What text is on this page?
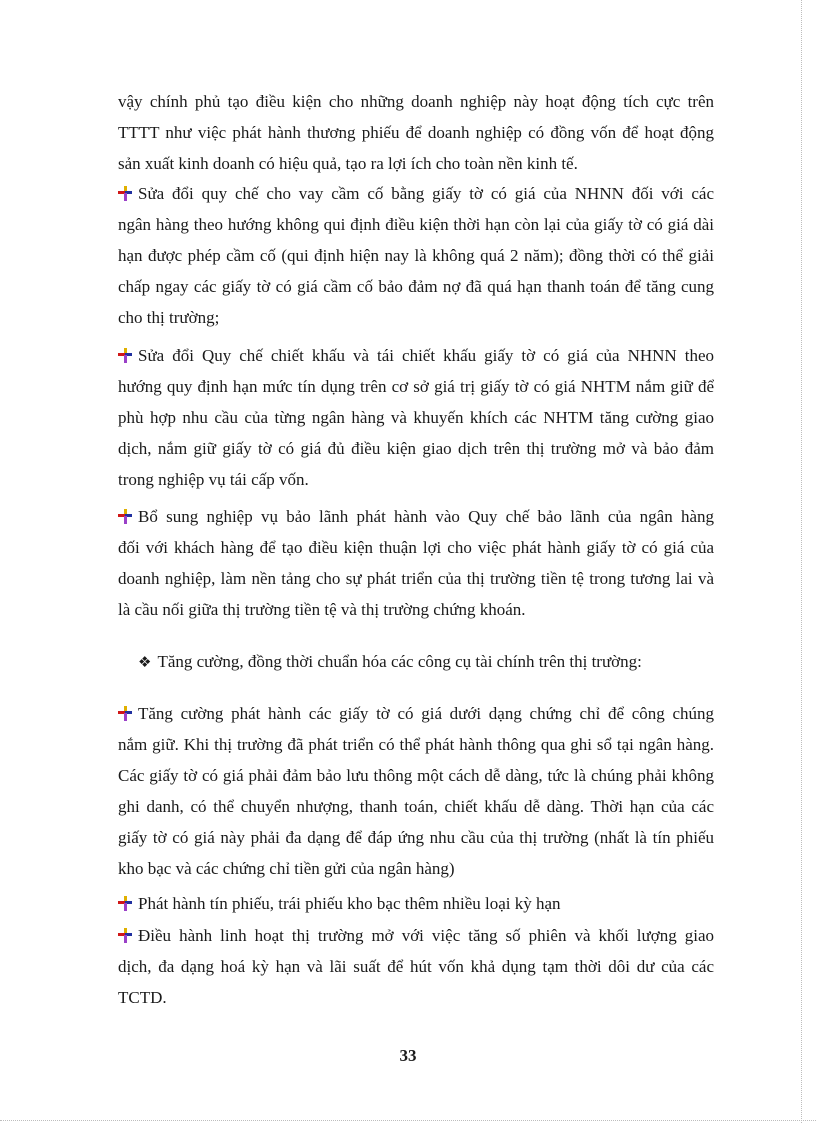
vậy chính phủ tạo điều kiện cho những doanh nghiệp này hoạt động tích cực trên
TTTT như việc phát hành thương phiếu để doanh nghiệp có đồng vốn để hoạt động
sản xuất kinh doanh có hiệu quả, tạo ra lợi ích cho toàn nền kinh tế.
Sửa đổi quy chế cho vay cầm cố bằng giấy tờ có giá của NHNN đối với các
ngân hàng theo hướng không qui định điều kiện thời hạn còn lại của giấy tờ có giá dài
hạn được phép cầm cố (qui định hiện nay là không quá 2 năm); đồng thời có thể giải
chấp ngay các giấy tờ có giá cầm cố bảo đảm nợ đã quá hạn thanh toán để tăng cung
cho thị trường;
Sửa đổi Quy chế chiết khấu và tái chiết khấu giấy tờ có giá của NHNN theo
hướng quy định hạn mức tín dụng trên cơ sở giá trị giấy tờ có giá NHTM nắm giữ để
phù hợp nhu cầu của từng ngân hàng và khuyến khích các NHTM tăng cường giao
dịch, nắm giữ giấy tờ có giá đủ điều kiện giao dịch trên thị trường mở và bảo đảm
trong nghiệp vụ tái cấp vốn.
Bổ sung nghiệp vụ bảo lãnh phát hành vào Quy chế bảo lãnh của ngân hàng
đối với khách hàng để tạo điều kiện thuận lợi cho việc phát hành giấy tờ có giá của
doanh nghiệp, làm nền tảng cho sự phát triển của thị trường tiền tệ trong tương lai và
là cầu nối giữa thị trường tiền tệ và thị trường chứng khoán.
❖ Tăng cường, đồng thời chuẩn hóa các công cụ tài chính trên thị trường:
Tăng cường phát hành các giấy tờ có giá dưới dạng chứng chỉ để công chúng
nắm giữ. Khi thị trường đã phát triển có thể phát hành thông qua ghi sổ tại ngân hàng.
Các giấy tờ có giá phải đảm bảo lưu thông một cách dễ dàng, tức là chúng phải không
ghi danh, có thể chuyển nhượng, thanh toán, chiết khấu dễ dàng. Thời hạn của các
giấy tờ có giá này phải đa dạng để đáp ứng nhu cầu của thị trường (nhất là tín phiếu
kho bạc và các chứng chỉ tiền gửi của ngân hàng)
Phát hành tín phiếu, trái phiếu kho bạc thêm nhiều loại kỳ hạn
Điều hành linh hoạt thị trường mở với việc tăng số phiên và khối lượng giao
dịch, đa dạng hoá kỳ hạn và lãi suất để hút vốn khả dụng tạm thời dôi dư của các
TCTD.
33
